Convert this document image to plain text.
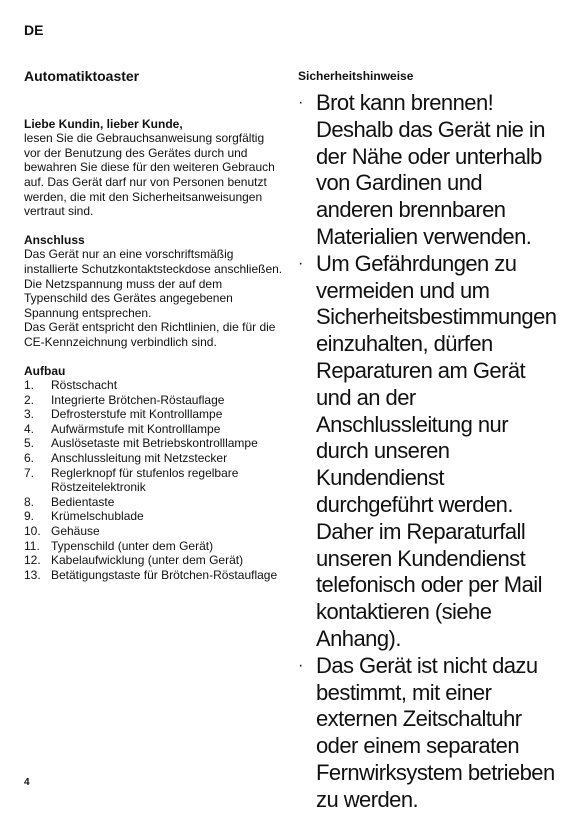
DE
Automatiktoaster
Liebe Kundin, lieber Kunde,
lesen Sie die Gebrauchsanweisung sorgfältig vor der Benutzung des Gerätes durch und bewahren Sie diese für den weiteren Gebrauch auf. Das Gerät darf nur von Personen benutzt werden, die mit den Sicherheitsanweisungen vertraut sind.
Anschluss
Das Gerät nur an eine vorschriftsmäßig installierte Schutzkontaktsteckdose anschließen.
Die Netzspannung muss der auf dem Typenschild des Gerätes angegebenen Spannung entsprechen.
Das Gerät entspricht den Richtlinien, die für die CE-Kennzeichnung verbindlich sind.
Aufbau
1.	Röstschacht
2.	Integrierte Brötchen-Röstauflage
3.	Defrosterstufe mit Kontrolllampe
4.	Aufwärmstufe mit Kontrolllampe
5.	Auslösetaste mit Betriebskontrolllampe
6.	Anschlussleitung mit Netzstecker
7.	Reglerknopf für stufenlos regelbare Röstzeitelektronik
8.	Bedientaste
9.	Krümelschublade
10. Gehäuse
11. Typenschild (unter dem Gerät)
12. Kabelaufwicklung (unter dem Gerät)
13. Betätigungstaste für Brötchen-Röstauflage
Sicherheitshinweise
· Brot kann brennen! Deshalb das Gerät nie in der Nähe oder unterhalb von Gardinen und anderen brennbaren Materialien verwenden.
· Um Gefährdungen zu vermeiden und um Sicherheitsbestimmungen einzuhalten, dürfen Reparaturen am Gerät und an der Anschlussleitung nur durch unseren Kundendienst durchgeführt werden. Daher im Reparaturfall unseren Kundendienst telefonisch oder per Mail kontaktieren (siehe Anhang).
· Das Gerät ist nicht dazu bestimmt, mit einer externen Zeitschaltuhr oder einem separaten Fernwirksystem betrieben zu werden.
4
